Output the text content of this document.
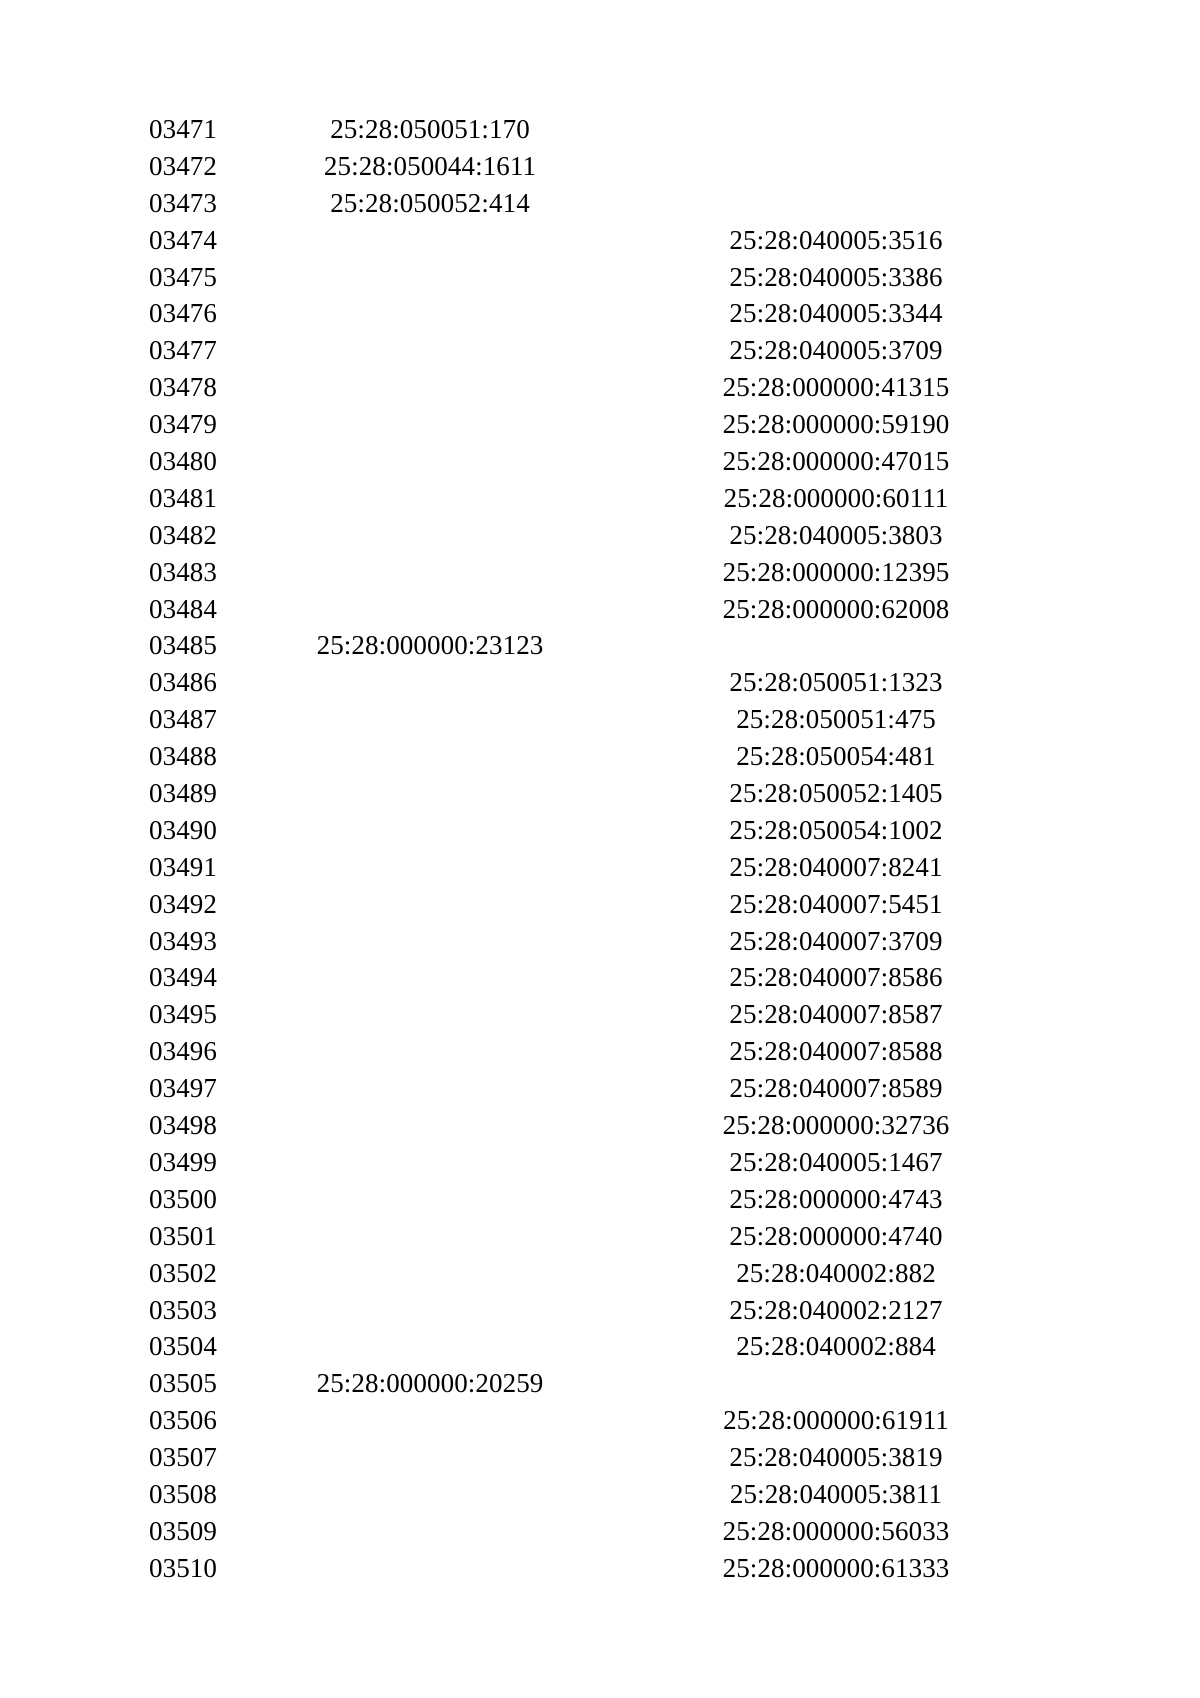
03471	25:28:050051:170
03472	25:28:050044:1611
03473	25:28:050052:414
03474	25:28:040005:3516
03475	25:28:040005:3386
03476	25:28:040005:3344
03477	25:28:040005:3709
03478	25:28:000000:41315
03479	25:28:000000:59190
03480	25:28:000000:47015
03481	25:28:000000:60111
03482	25:28:040005:3803
03483	25:28:000000:12395
03484	25:28:000000:62008
03485	25:28:000000:23123
03486	25:28:050051:1323
03487	25:28:050051:475
03488	25:28:050054:481
03489	25:28:050052:1405
03490	25:28:050054:1002
03491	25:28:040007:8241
03492	25:28:040007:5451
03493	25:28:040007:3709
03494	25:28:040007:8586
03495	25:28:040007:8587
03496	25:28:040007:8588
03497	25:28:040007:8589
03498	25:28:000000:32736
03499	25:28:040005:1467
03500	25:28:000000:4743
03501	25:28:000000:4740
03502	25:28:040002:882
03503	25:28:040002:2127
03504	25:28:040002:884
03505	25:28:000000:20259
03506	25:28:000000:61911
03507	25:28:040005:3819
03508	25:28:040005:3811
03509	25:28:000000:56033
03510	25:28:000000:61333
